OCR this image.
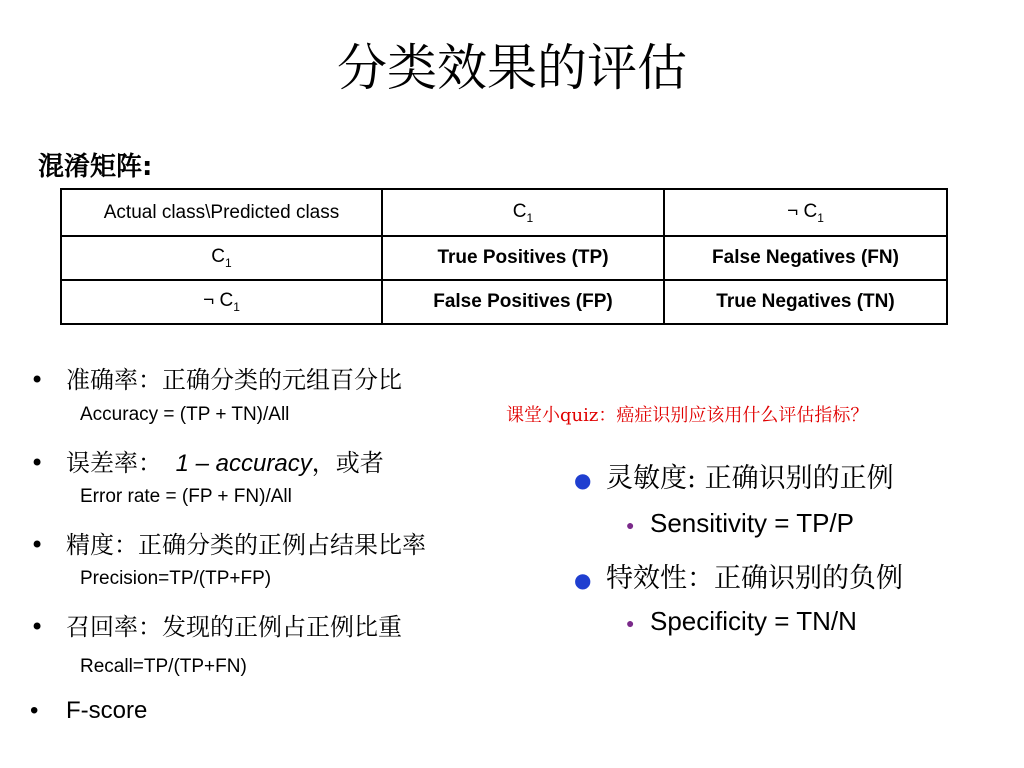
分类效果的评估
混淆矩阵:
Actual class\Predicted class	$C_1$	¬ $C_1$
$C_1$	True Positives (TP)	False Negatives (FN)
¬ $C_1$	False Positives (FP)	True Negatives (TN)
• 准确率：正确分类的元组百分比
Accuracy = (TP + TN)/All
• 误差率： 1 – accuracy，或者
Error rate = (FP + FN)/All
• 精度：正确分类的正例占结果比率
Precision=TP/(TP+FP)
• 召回率：发现的正例占正例比重
Recall=TP/(TP+FN)
• F-score
课堂小quiz：癌症识别应该用什么评估指标？
● 灵敏度: 正确识别的正例
● Sensitivity = TP/P
● 特效性：正确识别的负例
● Specificity = TN/N
